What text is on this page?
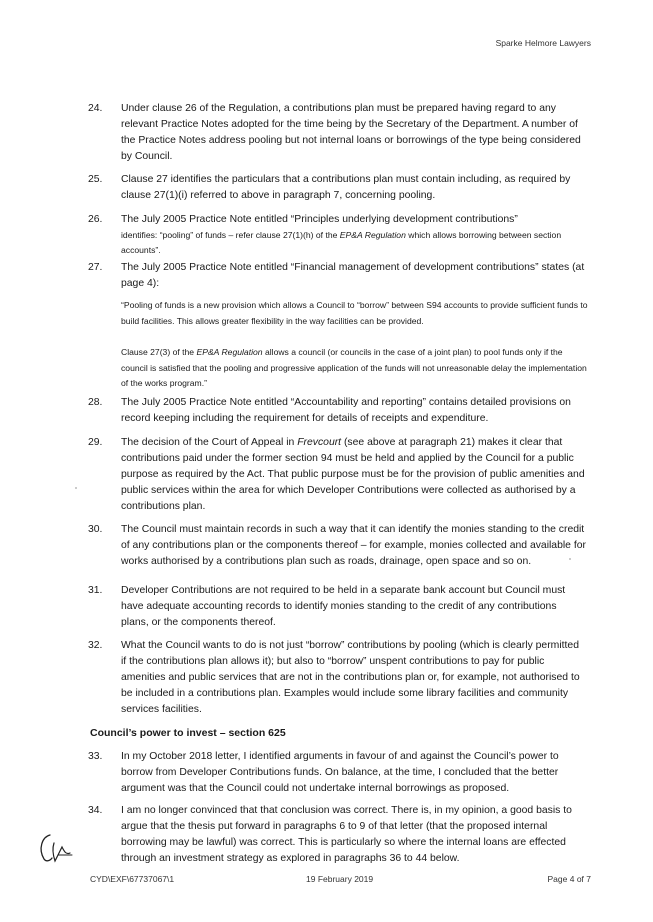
Sparke Helmore Lawyers
24.	Under clause 26 of the Regulation, a contributions plan must be prepared having regard to any relevant Practice Notes adopted for the time being by the Secretary of the Department. A number of the Practice Notes address pooling but not internal loans or borrowings of the type being considered by Council.

25.	Clause 27 identifies the particulars that a contributions plan must contain including, as required by clause 27(1)(i) referred to above in paragraph 7, concerning pooling.

26. The July 2005 Practice Note entitled “Principles underlying development contributions”
identifies: “pooling” of funds – refer clause 27(1)(h) of the EP&A Regulation which allows borrowing between section accounts”.
27.	The July 2005 Practice Note entitled “Financial management of development contributions” states (at page 4):

“Pooling of funds is a new provision which allows a Council to “borrow” between S94 accounts to provide sufficient funds to build facilities. This allows greater flexibility in the way facilities can be provided.

Clause 27(3) of the EP&A Regulation allows a council (or councils in the case of a joint plan) to pool funds only if the council is satisfied that the pooling and progressive application of the funds will not unreasonable delay the implementation of the works program.”

28.	The July 2005 Practice Note entitled “Accountability and reporting” contains detailed provisions on record keeping including the requirement for details of receipts and expenditure.

29.	The decision of the Court of Appeal in Frevcourt (see above at paragraph 21) makes it clear that contributions paid under the former section 94 must be held and applied by the Council for a public purpose as required by the Act. That public purpose must be for the provision of public amenities and public services within the area for which Developer Contributions were collected as authorised by a contributions plan.

30.	The Council must maintain records in such a way that it can identify the monies standing to the credit of any contributions plan or the components thereof – for example, monies collected and available for works authorised by a contributions plan such as roads, drainage, open space and so on.

31.	Developer Contributions are not required to be held in a separate bank account but Council must have adequate accounting records to identify monies standing to the credit of any contributions plans, or the components thereof.

32.	What the Council wants to do is not just “borrow” contributions by pooling (which is clearly permitted if the contributions plan allows it); but also to “borrow” unspent contributions to pay for public amenities and public services that are not in the contributions plan or, for example, not authorised to be included in a contributions plan. Examples would include some library facilities and community services facilities.

Council’s power to invest – section 625
33.	In my October 2018 letter, I identified arguments in favour of and against the Council’s power to borrow from Developer Contributions funds. On balance, at the time, I concluded that the better argument was that the Council could not undertake internal borrowings as proposed.

34.	I am no longer convinced that that conclusion was correct. There is, in my opinion, a good basis to argue that the thesis put forward in paragraphs 6 to 9 of that letter (that the proposed internal borrowing may be lawful) was correct. This is particularly so where the internal loans are effected through an investment strategy as explored in paragraphs 36 to 44 below.

CYD\EXF\67737067\1	19 February 2019	Page 4 of 7
